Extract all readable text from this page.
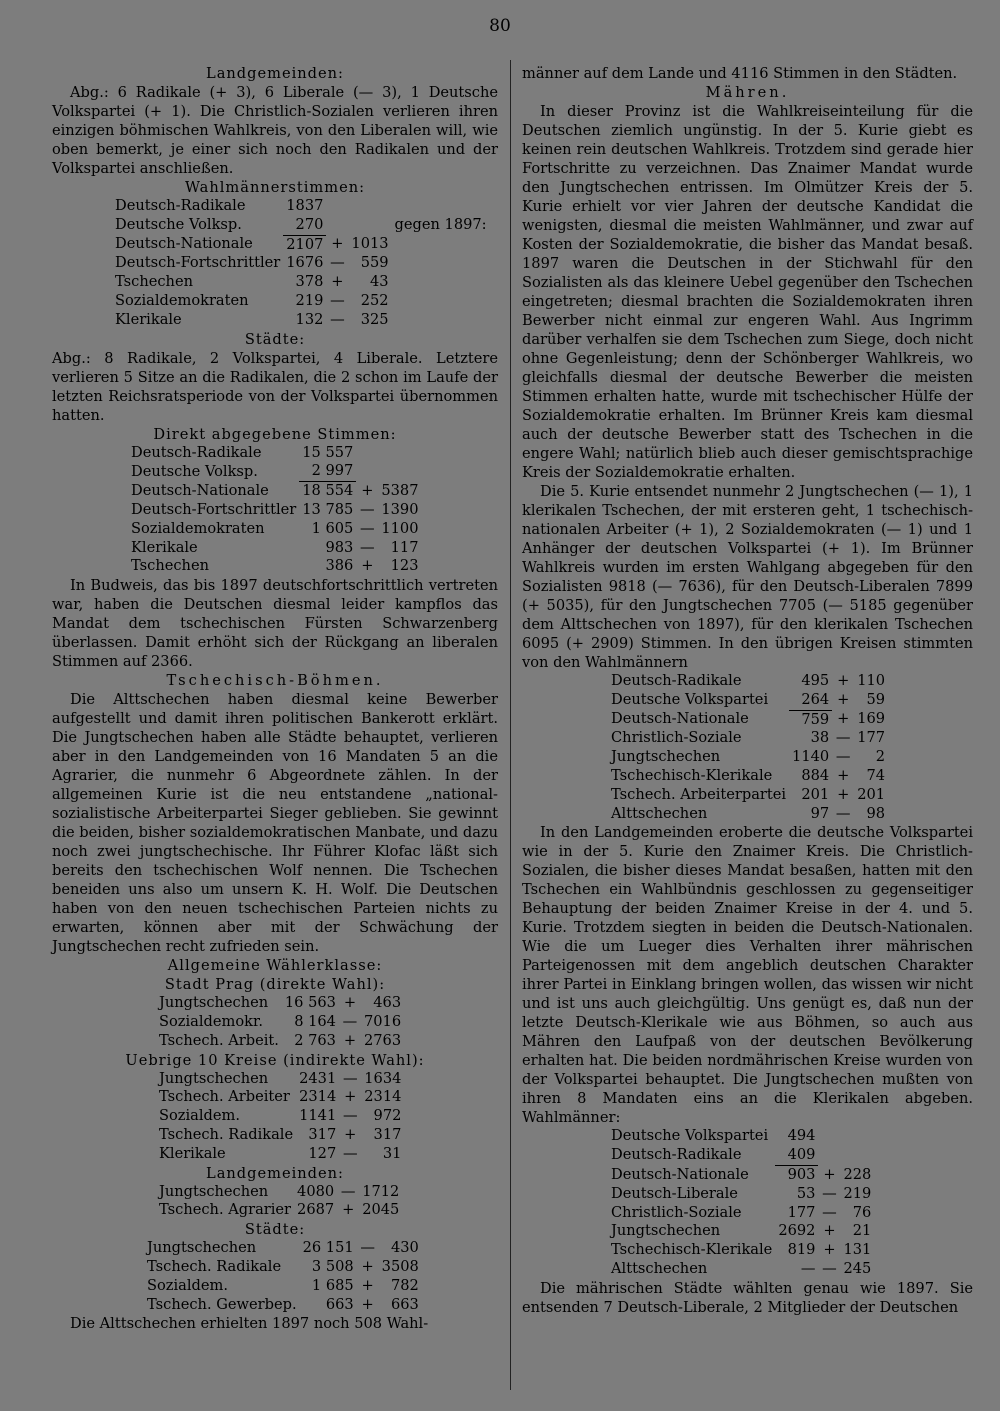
80
Landgemeinden:

Abg.: 6 Radikale (+ 3), 6 Liberale (— 3), 1 Deutsche Volkspartei (+ 1). Die Christlich-Sozialen verlieren ihren einzigen böhmischen Wahlkreis, von den Liberalen will, wie oben bemerkt, je einer sich noch den Radikalen und der Volkspartei anschließen.

Wahlmännerstimmen:
Deutsch-Radikale	1837			
Deutsche Volksp.	270			gegen 1897:
Deutsch-Nationale	2107	+	1013	
Deutsch-Fortschrittler	1676	—	559	
Tschechen	378	+	43	
Sozialdemokraten	219	—	252	
Klerikale	132	—	325	
Städte:

Abg.: 8 Radikale, 2 Volkspartei, 4 Liberale. Letztere verlieren 5 Sitze an die Radikalen, die 2 schon im Laufe der letzten Reichsratsperiode von der Volkspartei übernommen hatten.

Direkt abgegebene Stimmen:
Deutsch-Radikale	15 557		
Deutsche Volksp.	2 997		
Deutsch-Nationale	18 554	+	5387
Deutsch-Fortschrittler	13 785	—	1390
Sozialdemokraten	1 605	—	1100
Klerikale	983	—	117
Tschechen	386	+	123

In Budweis, das bis 1897 deutschfortschrittlich vertreten war, haben die Deutschen diesmal leider kampflos das Mandat dem tschechischen Fürsten Schwarzenberg überlassen. Damit erhöht sich der Rückgang an liberalen Stimmen auf 2366.

Tschechisch-Böhmen.

Die Alttschechen haben diesmal keine Bewerber aufgestellt und damit ihren politischen Bankerott erklärt. Die Jungtschechen haben alle Städte behauptet, verlieren aber in den Landgemeinden von 16 Mandaten 5 an die Agrarier, die nunmehr 6 Abgeordnete zählen. In der allgemeinen Kurie ist die neu entstandene „national-sozialistische Arbeiterpartei Sieger geblieben. Sie gewinnt die beiden, bisher sozialdemokratischen Manbate, und dazu noch zwei jungtschechische. Ihr Führer Klofac läßt sich bereits den tschechischen Wolf nennen. Die Tschechen beneiden uns also um unsern K. H. Wolf. Die Deutschen haben von den neuen tschechischen Parteien nichts zu erwarten, können aber mit der Schwächung der Jungtschechen recht zufrieden sein.

Allgemeine Wählerklasse:
Stadt Prag (direkte Wahl):
Jungtschechen	16 563	+	463
Sozialdemokr.	8 164	—	7016
Tschech. Arbeit.	2 763	+	2763
Uebrige 10 Kreise (indirekte Wahl):
Jungtschechen	2431	—	1634
Tschech. Arbeiter	2314	+	2314
Sozialdem.	1141	—	972
Tschech. Radikale	317	+	317
Klerikale	127	—	31
Landgemeinden:
Jungtschechen	4080	—	1712
Tschech. Agrarier	2687	+	2045
Städte:
Jungtschechen	26 151	—	430
Tschech. Radikale	3 508	+	3508
Sozialdem.	1 685	+	782
Tschech. Gewerbep.	663	+	663

Die Alttschechen erhielten 1897 noch 508 Wahl-

männer auf dem Lande und 4116 Stimmen in den Städten.

Mähren.

In dieser Provinz ist die Wahlkreiseinteilung für die Deutschen ziemlich ungünstig. In der 5. Kurie giebt es keinen rein deutschen Wahlkreis. Trotzdem sind gerade hier Fortschritte zu verzeichnen. Das Znaimer Mandat wurde den Jungtschechen entrissen. Im Olmützer Kreis der 5. Kurie erhielt vor vier Jahren der deutsche Kandidat die wenigsten, diesmal die meisten Wahlmänner, und zwar auf Kosten der Sozialdemokratie, die bisher das Mandat besaß. 1897 waren die Deutschen in der Stichwahl für den Sozialisten als das kleinere Uebel gegenüber den Tschechen eingetreten; diesmal brachten die Sozialdemokraten ihren Bewerber nicht einmal zur engeren Wahl. Aus Ingrimm darüber verhalfen sie dem Tschechen zum Siege, doch nicht ohne Gegenleistung; denn der Schönberger Wahlkreis, wo gleichfalls diesmal der deutsche Bewerber die meisten Stimmen erhalten hatte, wurde mit tschechischer Hülfe der Sozialdemokratie erhalten. Im Brünner Kreis kam diesmal auch der deutsche Bewerber statt des Tschechen in die engere Wahl; natürlich blieb auch dieser gemischtsprachige Kreis der Sozialdemokratie erhalten.

Die 5. Kurie entsendet nunmehr 2 Jungtschechen (— 1), 1 klerikalen Tschechen, der mit ersteren geht, 1 tschechisch-nationalen Arbeiter (+ 1), 2 Sozialdemokraten (— 1) und 1 Anhänger der deutschen Volkspartei (+ 1). Im Brünner Wahlkreis wurden im ersten Wahlgang abgegeben für den Sozialisten 9818 (— 7636), für den Deutsch-Liberalen 7899 (+ 5035), für den Jungtschechen 7705 (— 5185 gegenüber dem Alttschechen von 1897), für den klerikalen Tschechen 6095 (+ 2909) Stimmen. In den übrigen Kreisen stimmten von den Wahlmännern

Deutsch-Radikale	495	+	110
Deutsche Volkspartei	264	+	59
Deutsch-Nationale	759	+	169
Christlich-Soziale	38	—	177
Jungtschechen	1140	—	2
Tschechisch-Klerikale	884	+	74
Tschech. Arbeiterpartei	201	+	201
Alttschechen	97	—	98

In den Landgemeinden eroberte die deutsche Volkspartei wie in der 5. Kurie den Znaimer Kreis. Die Christlich-Sozialen, die bisher dieses Mandat besaßen, hatten mit den Tschechen ein Wahlbündnis geschlossen zu gegenseitiger Behauptung der beiden Znaimer Kreise in der 4. und 5. Kurie. Trotzdem siegten in beiden die Deutsch-Nationalen. Wie die um Lueger dies Verhalten ihrer mährischen Parteigenossen mit dem angeblich deutschen Charakter ihrer Partei in Einklang bringen wollen, das wissen wir nicht und ist uns auch gleichgültig. Uns genügt es, daß nun der letzte Deutsch-Klerikale wie aus Böhmen, so auch aus Mähren den Laufpaß von der deutschen Bevölkerung erhalten hat. Die beiden nordmährischen Kreise wurden von der Volkspartei behauptet. Die Jungtschechen mußten von ihren 8 Mandaten eins an die Klerikalen abgeben. Wahlmänner:

Deutsche Volkspartei	494		
Deutsch-Radikale	409		
Deutsch-Nationale	903	+	228
Deutsch-Liberale	53	—	219
Christlich-Soziale	177	—	76
Jungtschechen	2692	+	21
Tschechisch-Klerikale	819	+	131
Alttschechen	—	—	245

Die mährischen Städte wählten genau wie 1897. Sie entsenden 7 Deutsch-Liberale, 2 Mitglieder der Deutschen
